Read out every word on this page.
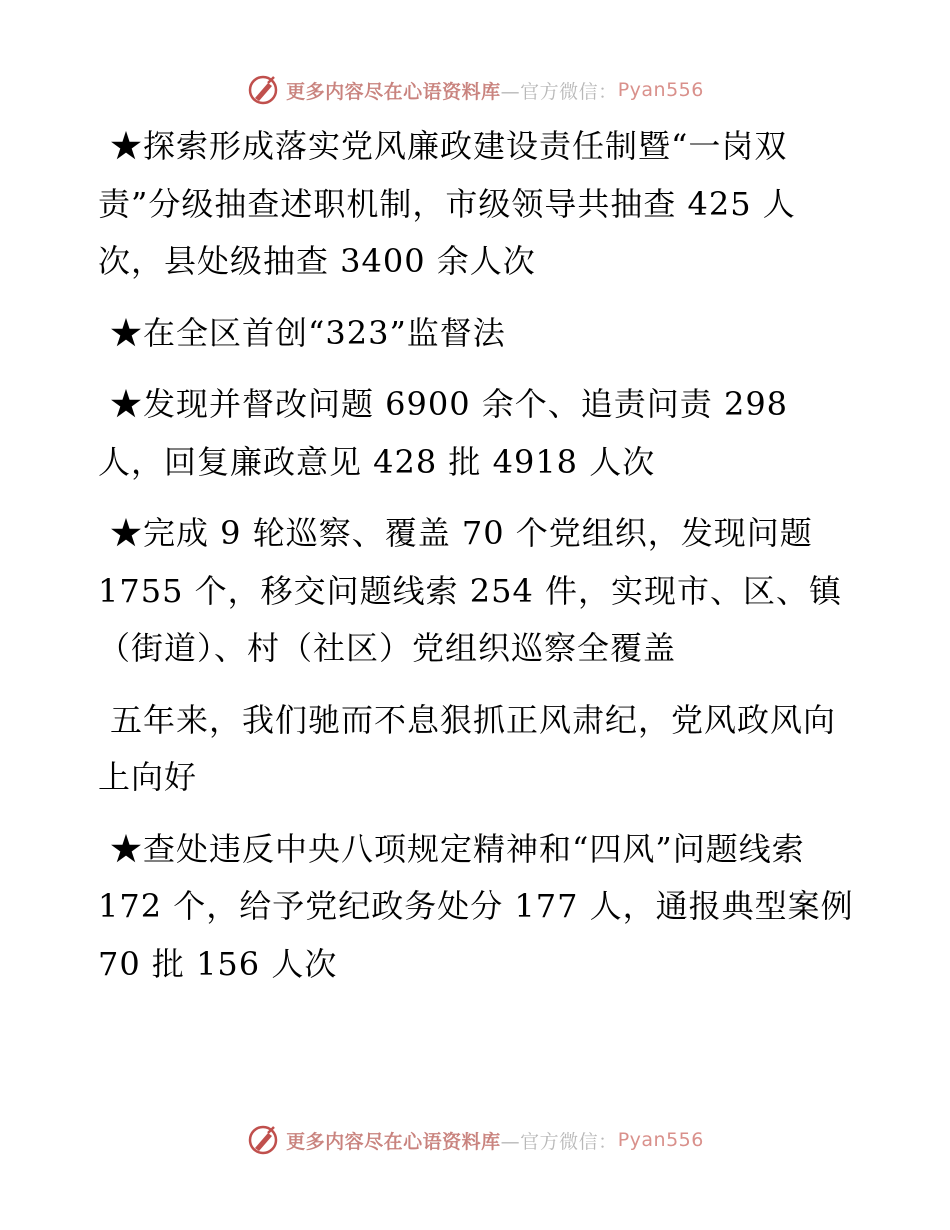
更多内容尽在心语资料库 —官方微信： Pyan556

★探索形成落实党风廉政建设责任制暨“一岗双责”分级抽查述职机制，市级领导共抽查 425 人次，县处级抽查 3400 余人次

★在全区首创“323”监督法

★发现并督改问题 6900 余个、追责问责 298 人，回复廉政意见 428 批 4918 人次

★完成 9 轮巡察、覆盖 70 个党组织，发现问题 1755 个，移交问题线索 254 件，实现市、区、镇（街道）、村（社区）党组织巡察全覆盖

五年来，我们驰而不息狠抓正风肃纪，党风政风向上向好

★查处违反中央八项规定精神和“四风”问题线索 172 个，给予党纪政务处分 177 人，通报典型案例 70 批 156 人次

更多内容尽在心语资料库 —官方微信： Pyan556
